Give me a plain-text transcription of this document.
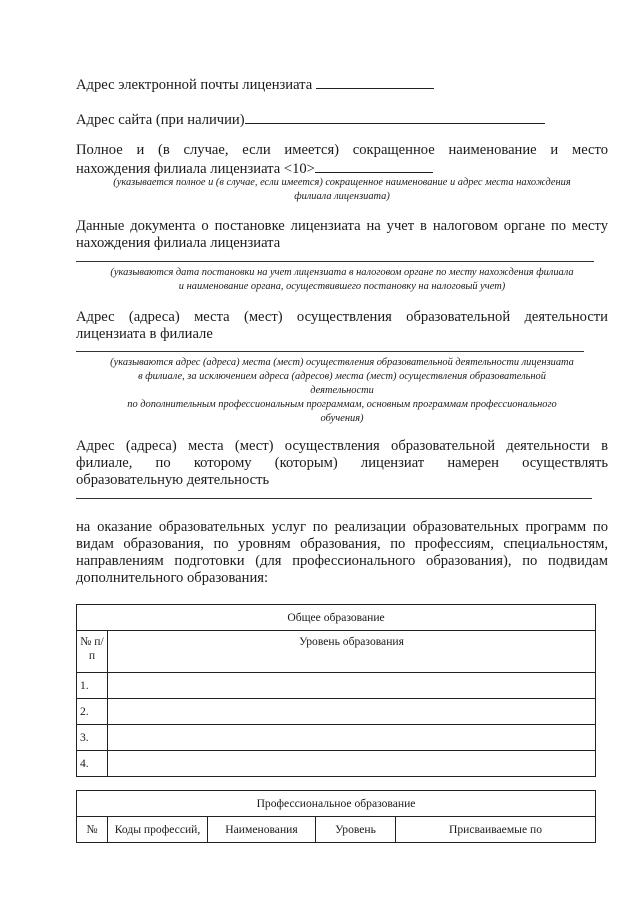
Адрес электронной почты лицензиата
Адрес сайта (при наличии)
Полное и (в случае, если имеется) сокращенное наименование и место
нахождения филиала лицензиата <10>
(указывается полное и (в случае, если имеется) сокращенное наименование и адрес места нахождения
филиала лицензиата)
Данные документа о постановке лицензиата на учет в налоговом органе по месту
нахождения филиала лицензиата
(указываются дата постановки на учет лицензиата в налоговом органе по месту нахождения филиала
и наименование органа, осуществившего постановку на налоговый учет)
Адрес (адреса) места (мест) осуществления образовательной деятельности
лицензиата в филиале
(указываются адрес (адреса) места (мест) осуществления образовательной деятельности лицензиата
в филиале, за исключением адреса (адресов) места (мест) осуществления образовательной
деятельности
по дополнительным профессиональным программам, основным программам профессионального
обучения)
Адрес (адреса) места (мест) осуществления образовательной деятельности в
филиале, по которому (которым) лицензиат намерен осуществлять
образовательную деятельность
на оказание образовательных услуг по реализации образовательных программ по
видам образования, по уровням образования, по профессиям, специальностям,
направлениям подготовки (для профессионального образования), по подвидам
дополнительного образования:
Общее образование	
№ п/п	Уровень образования
1.	
2.	
3.	
4.	
Профессиональное образование
№	Коды профессий,	Наименования	Уровень	Присваиваемые по
